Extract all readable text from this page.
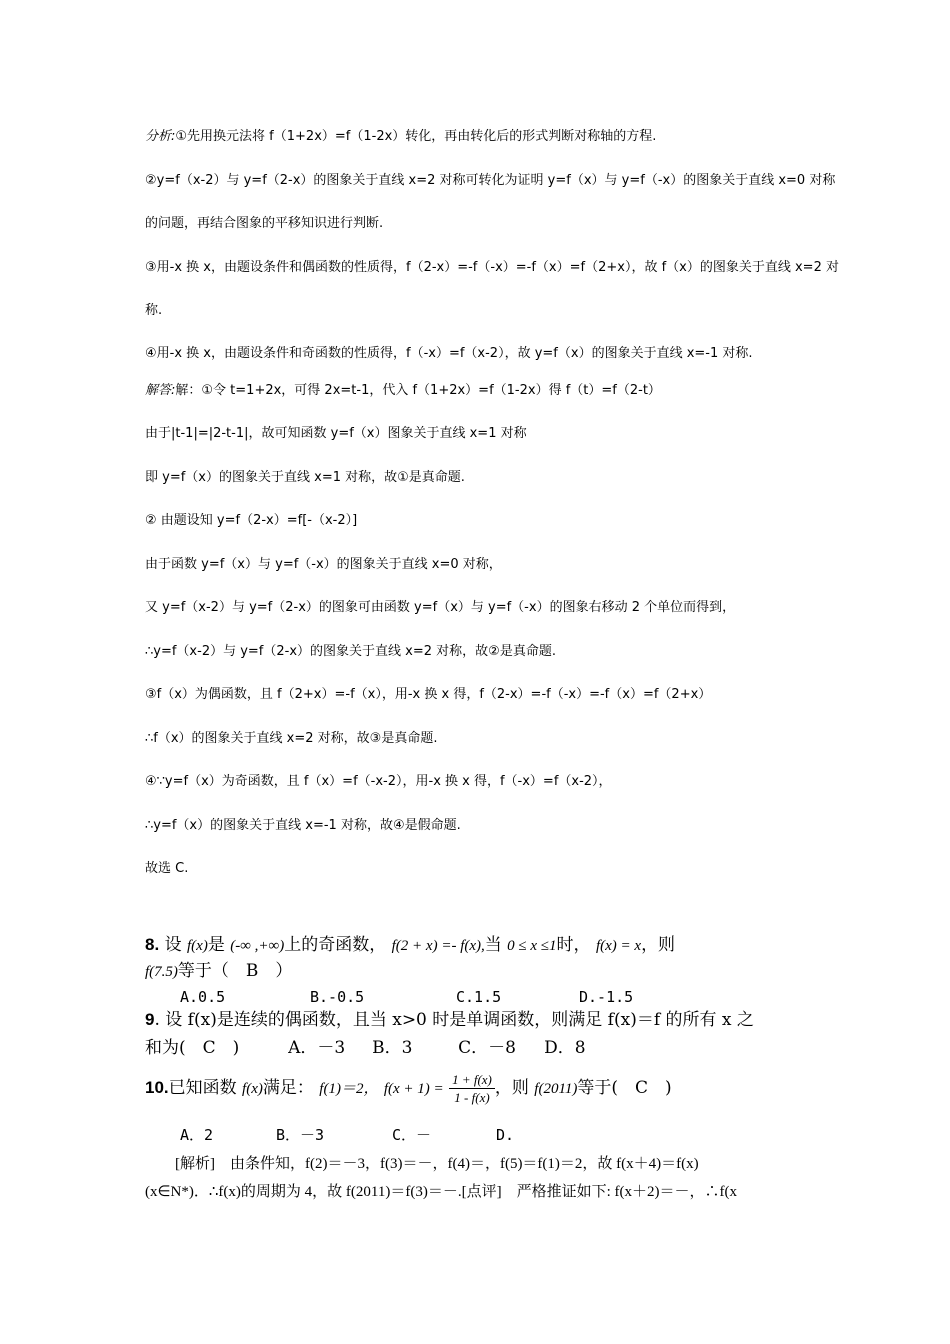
分析:①先用换元法将 f（1+2x）=f（1-2x）转化，再由转化后的形式判断对称轴的方程.
②y=f（x-2）与 y=f（2-x）的图象关于直线 x=2 对称可转化为证明 y=f（x）与 y=f（-x）的图象关于直线 x=0 对称
的问题，再结合图象的平移知识进行判断.
③用-x 换 x，由题设条件和偶函数的性质得，f（2-x）=-f（-x）=-f（x）=f（2+x），故 f（x）的图象关于直线 x=2 对
称.
④用-x 换 x，由题设条件和奇函数的性质得，f（-x）=f（x-2），故 y=f（x）的图象关于直线 x=-1 对称.
解答:解：①令 t=1+2x，可得 2x=t-1，代入 f（1+2x）=f（1-2x）得 f（t）=f（2-t）
由于|t-1|=|2-t-1|，故可知函数 y=f（x）图象关于直线 x=1 对称
即 y=f（x）的图象关于直线 x=1 对称，故①是真命题.
② 由题设知 y=f（2-x）=f[-（x-2）]
由于函数 y=f（x）与 y=f（-x）的图象关于直线 x=0 对称，
又 y=f（x-2）与 y=f（2-x）的图象可由函数 y=f（x）与 y=f（-x）的图象右移动 2 个单位而得到，
∴y=f（x-2）与 y=f（2-x）的图象关于直线 x=2 对称，故②是真命题.
③f（x）为偶函数，且 f（2+x）=-f（x），用-x 换 x 得，f（2-x）=-f（-x）=-f（x）=f（2+x）
∴f（x）的图象关于直线 x=2 对称，故③是真命题.
④∵y=f（x）为奇函数，且 f（x）=f（-x-2），用-x 换 x 得，f（-x）=f（x-2），
∴y=f（x）的图象关于直线 x=-1 对称，故④是假命题.
故选 C.
8. 设 f(x)是 (-∞ ,+∞)上的奇函数， f(2 + x) =- f(x),当 0 ≤ x ≤1时， f(x) = x，则
f(7.5)等于（　B　）
A.0.5	B.-0.5	C.1.5	D.-1.5
9. 设 f(x)是连续的偶函数，且当 x>0 时是单调函数，则满足 f(x)＝f 的所有 x 之
和为(　C　)	A．－3 B．3	C．－8 D．8
10.已知函数 f(x)满足： f(1)＝2， $f(x + 1) = \frac{1 + f(x)}{1 - f(x)}$ ，则 f(2011)等于(　C　)
A．2	B．－3	C．－	D.
[解析]　由条件知，f(2)＝－3，f(3)＝－，f(4)＝，f(5)＝f(1)＝2，故 f(x＋4)＝f(x)
(x∈N*)．∴f(x)的周期为 4，故 f(2011)＝f(3)＝－.[点评]　严格推证如下: f(x＋2)＝－，∴f(x
